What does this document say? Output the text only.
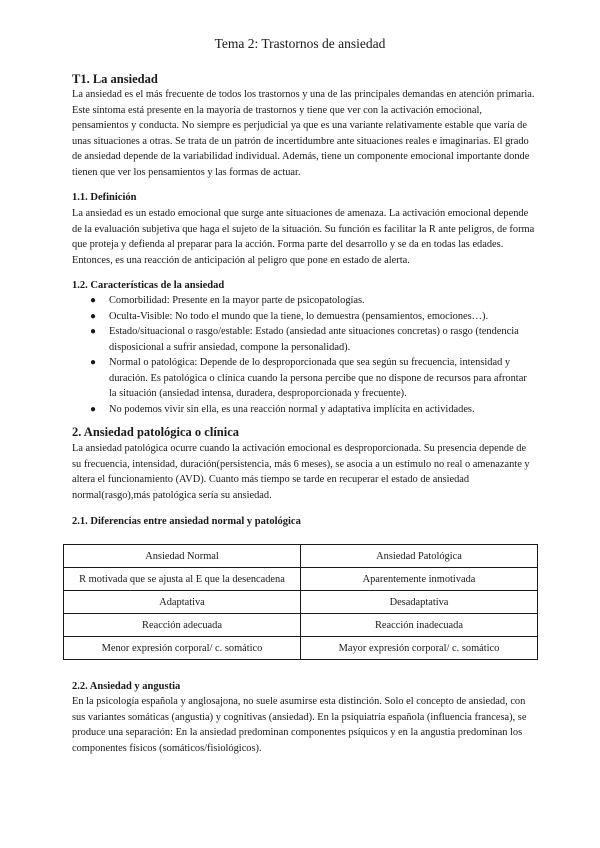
Tema 2: Trastornos de ansiedad
T1. La ansiedad

La ansiedad es el más frecuente de todos los trastornos y una de las principales demandas en atención primaria. Este síntoma está presente en la mayoría de trastornos y tiene que ver con la activación emocional, pensamientos y conducta. No siempre es perjudicial ya que es una variante relativamente estable que varía de unas situaciones a otras. Se trata de un patrón de incertidumbre ante situaciones reales e imaginarias. El grado de ansiedad depende de la variabilidad individual. Además, tiene un componente emocional importante donde tienen que ver los pensamientos y las formas de actuar.

1.1. Definición

La ansiedad es un estado emocional que surge ante situaciones de amenaza. La activación emocional depende de la evaluación subjetiva que haga el sujeto de la situación. Su función es facilitar la R ante peligros, de forma que proteja y defienda al preparar para la acción. Forma parte del desarrollo y se da en todas las edades. Entonces, es una reacción de anticipación al peligro que pone en estado de alerta.

1.2. Características de la ansiedad
● Comorbilidad: Presente en la mayor parte de psicopatologías.
● Oculta-Visible: No todo el mundo que la tiene, lo demuestra (pensamientos, emociones…).
● Estado/situacional o rasgo/estable: Estado (ansiedad ante situaciones concretas) o rasgo (tendencia disposicional a sufrir ansiedad, compone la personalidad).
● Normal o patológica: Depende de lo desproporcionada que sea según su frecuencia, intensidad y duración. Es patológica o clínica cuando la persona percibe que no dispone de recursos para afrontar la situación (ansiedad intensa, duradera, desproporcionada y frecuente).
● No podemos vivir sin ella, es una reacción normal y adaptativa implícita en actividades.
2. Ansiedad patológica o clínica

La ansiedad patológica ocurre cuando la activación emocional es desproporcionada. Su presencia depende de su frecuencia, intensidad, duración(persistencia, más 6 meses), se asocia a un estímulo no real o amenazante y altera el funcionamiento (AVD). Cuanto más tiempo se tarde en recuperar el estado de ansiedad normal(rasgo),más patológica sería su ansiedad.

2.1. Diferencias entre ansiedad normal y patológica
Ansiedad Normal	Ansiedad Patológica
R motivada que se ajusta al E que la desencadena	Aparentemente inmotivada
Adaptativa	Desadaptativa
Reacción adecuada	Reacción inadecuada
Menor expresión corporal/ c. somático	Mayor expresión corporal/ c. somático
2.2. Ansiedad y angustia

En la psicología española y anglosajona, no suele asumirse esta distinción. Solo el concepto de ansiedad, con sus variantes somáticas (angustia) y cognitivas (ansiedad). En la psiquiatría española (influencia francesa), se produce una separación: En la ansiedad predominan componentes psíquicos y en la angustia predominan los componentes físicos (somáticos/fisiológicos).
